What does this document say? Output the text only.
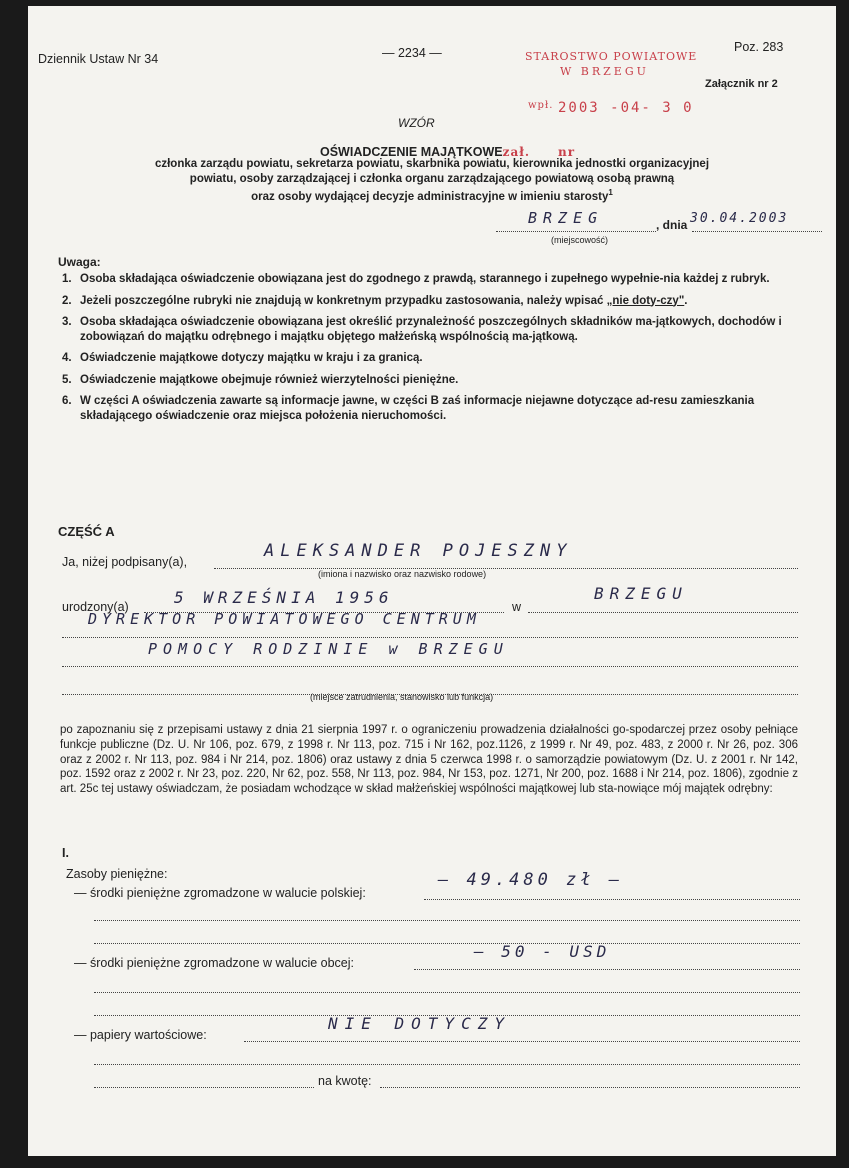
Dziennik Ustaw Nr 34	— 2234 —	Poz. 283
STAROSTWO POWIATOWE
W BRZEGU
Załącznik nr 2
wpł. 2003 -04- 3 0
WZÓR
OŚWIADCZENIE MAJĄTKOWEzał. nr
członka zarządu powiatu, sekretarza powiatu, skarbnika powiatu, kierownika jednostki organizacyjnej
powiatu, osoby zarządzającej i członka organu zarządzającego powiatową osobą prawną
oraz osoby wydającej decyzje administracyjne w imieniu starosty$^1$
BRZEG	, dnia 30.04.2003
(miejscowość)
Uwaga:
1. Osoba składająca oświadczenie obowiązana jest do zgodnego z prawdą, starannego i zupełnego wypełnie-nia każdej z rubryk.
2. Jeżeli poszczególne rubryki nie znajdują w konkretnym przypadku zastosowania, należy wpisać „nie doty-czy".
3. Osoba składająca oświadczenie obowiązana jest określić przynależność poszczególnych składników ma-jątkowych, dochodów i zobowiązań do majątku odrębnego i majątku objętego małżeńską wspólnością ma-jątkową.
4. Oświadczenie majątkowe dotyczy majątku w kraju i za granicą.
5. Oświadczenie majątkowe obejmuje również wierzytelności pieniężne.
6. W części A oświadczenia zawarte są informacje jawne, w części B zaś informacje niejawne dotyczące ad-resu zamieszkania składającego oświadczenie oraz miejsca położenia nieruchomości.
CZĘŚĆ A
Ja, niżej podpisany(a),
ALEKSANDER POJESZNY
(imiona i nazwisko oraz nazwisko rodowe)
urodzony(a)	5 WRZEŚNIA 1956	w
BRZEGU
DYREKTOR POWIATOWEGO CENTRUM
POMOCY RODZINIE w BRZEGU
(miejsce zatrudnienia, stanowisko lub funkcja)
po zapoznaniu się z przepisami ustawy z dnia 21 sierpnia 1997 r. o ograniczeniu prowadzenia działalności go-spodarczej przez osoby pełniące funkcje publiczne (Dz. U. Nr 106, poz. 679, z 1998 r. Nr 113, poz. 715 i Nr 162, poz.1126, z 1999 r. Nr 49, poz. 483, z 2000 r. Nr 26, poz. 306 oraz z 2002 r. Nr 113, poz. 984 i Nr 214, poz. 1806) oraz ustawy z dnia 5 czerwca 1998 r. o samorządzie powiatowym (Dz. U. z 2001 r. Nr 142, poz. 1592 oraz z 2002 r. Nr 23, poz. 220, Nr 62, poz. 558, Nr 113, poz. 984, Nr 153, poz. 1271, Nr 200, poz. 1688 i Nr 214, poz. 1806), zgodnie z art. 25c tej ustawy oświadczam, że posiadam wchodzące w skład małżeńskiej wspólności majątkowej lub sta-nowiące mój majątek odrębny:
I.
Zasoby pieniężne:
— środki pieniężne zgromadzone w walucie polskiej:
— 49.480 zł —
— środki pieniężne zgromadzone w walucie obcej:
— 50 - USD
— papiery wartościowe:
NIE DOTYCZY
na kwotę:
